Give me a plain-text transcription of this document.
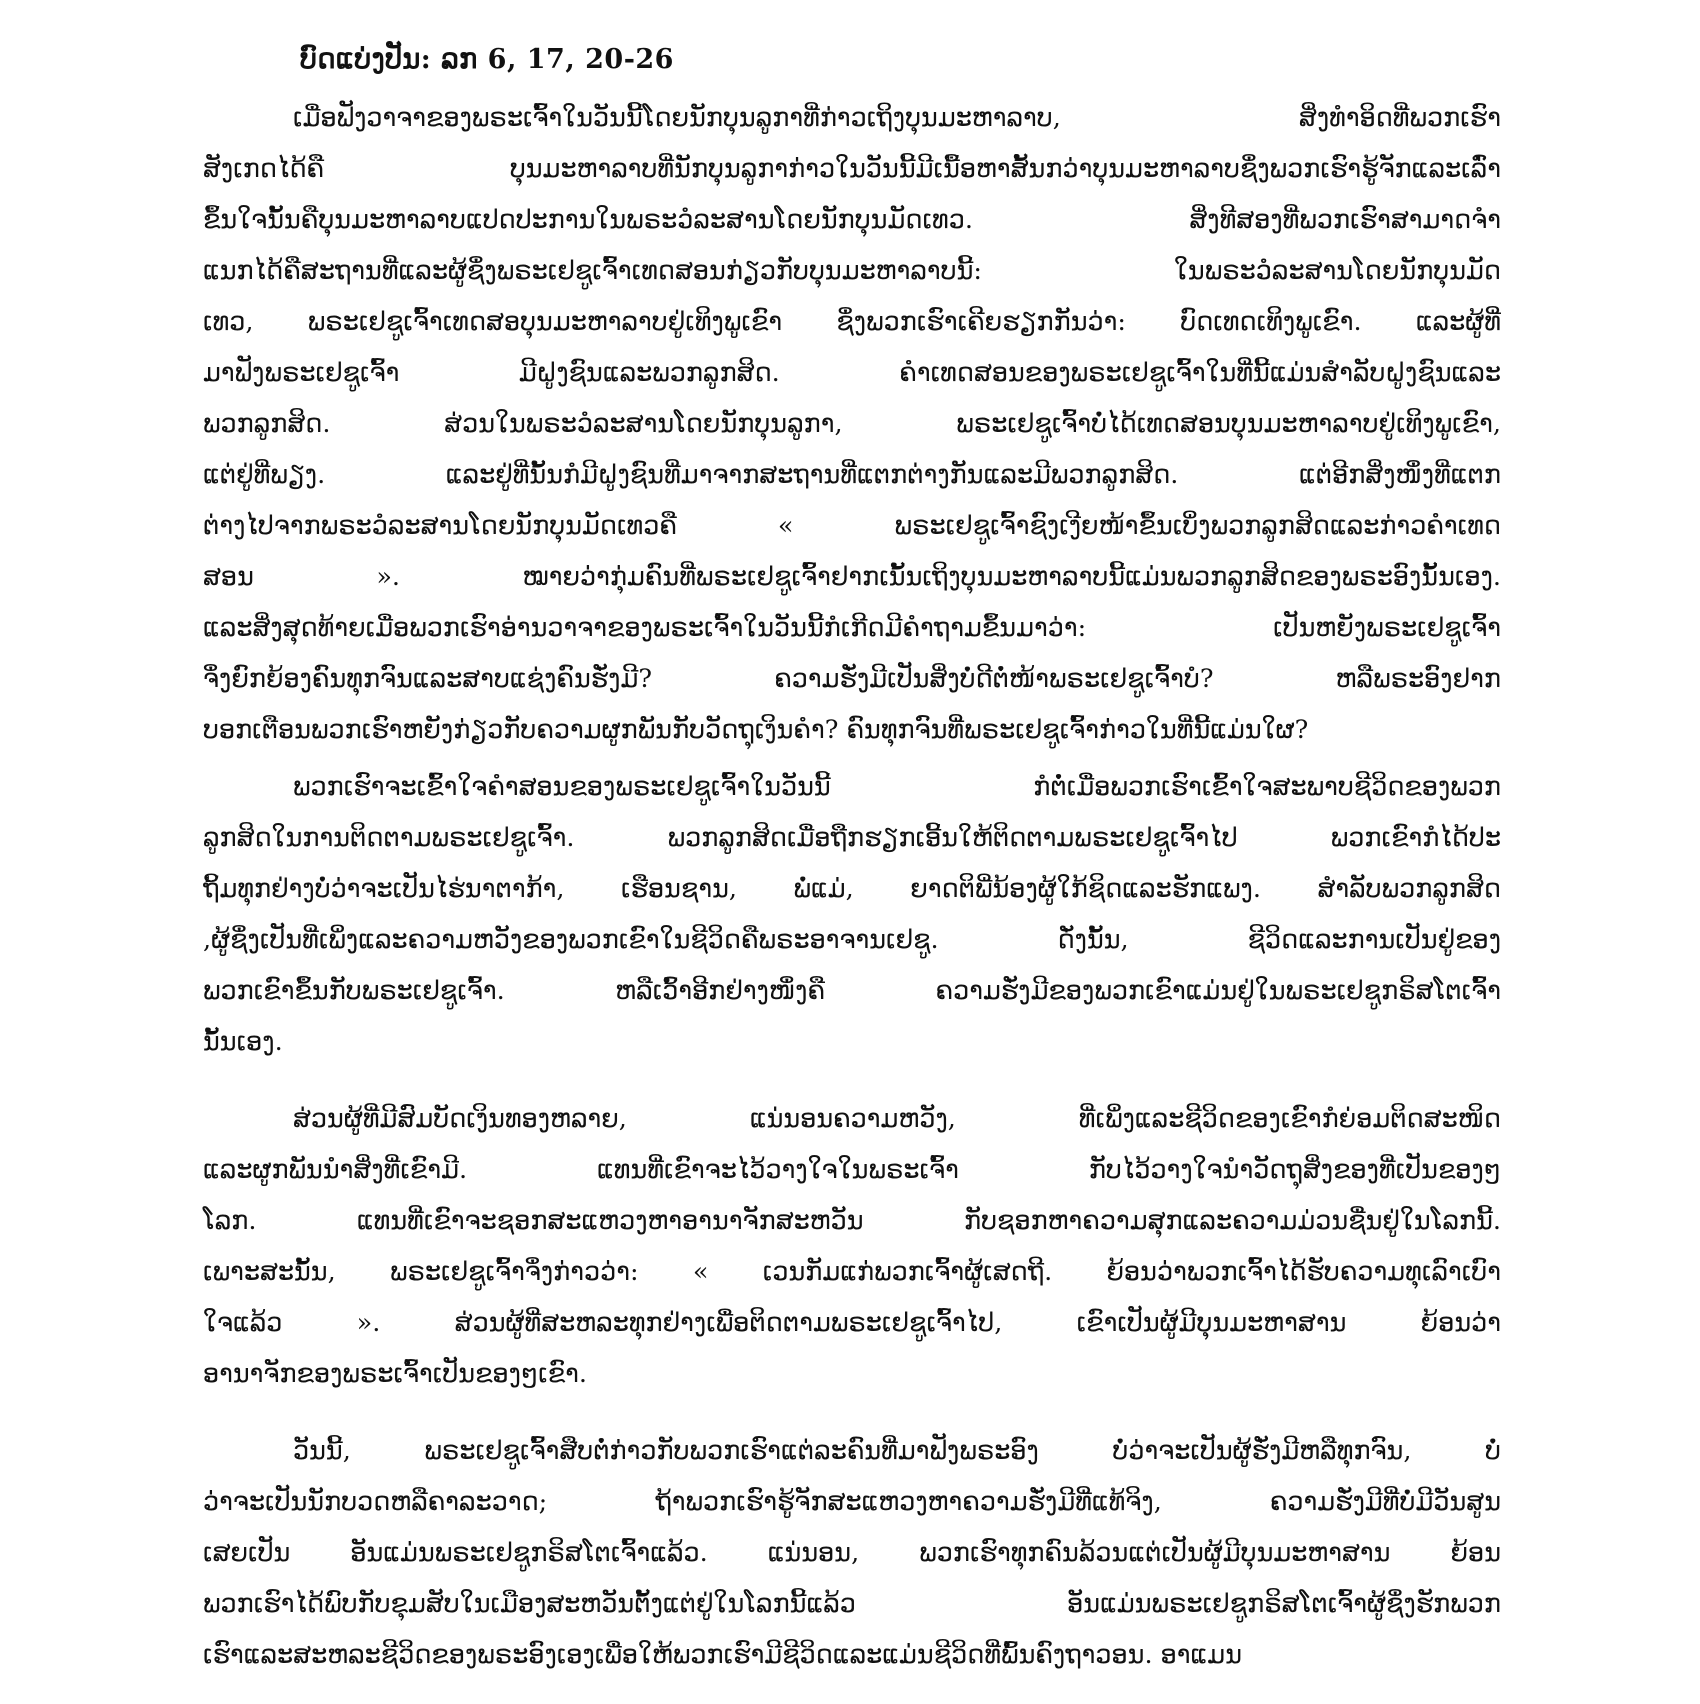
ບົດແບ່ງປັນ: ລກ 6, 17, 20-26
ເມື່ອຟັງວາຈາຂອງພຣະເຈົ້າໃນວັນນີ້ໂດຍນັກບຸນລູກາທີ່ກ່າວເຖິງບຸນມະຫາລາບ, ສິ່ງທໍາອິດທີ່ພວກເຮົາ
ສັງເກດໄດ້ຄື ບຸນມະຫາລາບທີ່ນັກບຸນລູກາກ່າວໃນວັນນີ້ມີເນື້ອຫາສັ້ນກວ່າບຸນມະຫາລາບຊຶ່ງພວກເຮົາຮູ້ຈັກແລະເລົ່າ
ຂຶ້ນໃຈນັ້ນຄືບຸນມະຫາລາບແປດປະການໃນພຣະວໍລະສານໂດຍນັກບຸນມັດເທວ. ສິ່ງທີສອງທີ່ພວກເຮົາສາມາດຈໍາ
ແນກໄດ້ຄືສະຖານທີ່ແລະຜູ້ຊຶ່ງພຣະເຢຊູເຈົ້າເທດສອນກ່ຽວກັບບຸນມະຫາລາບນີ້: ໃນພຣະວໍລະສານໂດຍນັກບຸນມັດ
ເທວ, ພຣະເຢຊູເຈົ້າເທດສອບຸນມະຫາລາບຢູ່ເທິງພູເຂົາ ຊຶ່ງພວກເຮົາເຄີຍຮຽກກັນວ່າ: ບົດເທດເທິງພູເຂົາ. ແລະຜູ້ທີ່
ມາຟັງພຣະເຢຊູເຈົ້າ ມີຝູງຊົນແລະພວກລູກສິດ. ຄໍາເທດສອນຂອງພຣະເຢຊູເຈົ້າໃນທີ່ນີ້ແມ່ນສໍາລັບຝູງຊົນແລະ
ພວກລູກສິດ. ສ່ວນໃນພຣະວໍລະສານໂດຍນັກບຸນລູກາ, ພຣະເຢຊູເຈົ້າບໍ່ໄດ້ເທດສອນບຸນມະຫາລາບຢູ່ເທິງພູເຂົາ,
ແຕ່ຢູ່ທີ່ພຽງ. ແລະຢູ່ທີ່ນັ້ນກໍມີຝູງຊົນທີ່ມາຈາກສະຖານທີ່ແຕກຕ່າງກັນແລະມີພວກລູກສິດ. ແຕ່ອີກສິ່ງໜຶ່ງທີ່ແຕກ
ຕ່າງໄປຈາກພຣະວໍລະສານໂດຍນັກບຸນມັດເທວຄື « ພຣະເຢຊູເຈົ້າຊົງເງີຍໜ້າຂຶ້ນເບິ່ງພວກລູກສິດແລະກ່າວຄໍາເທດ
ສອນ ». ໝາຍວ່າກຸ່ມຄົນທີ່ພຣະເຢຊູເຈົ້າຢາກເນັ້ນເຖິງບຸນມະຫາລາບນີ້ແມ່ນພວກລູກສິດຂອງພຣະອົງນັ້ນເອງ.
ແລະສິ່ງສຸດທ້າຍເມື່ອພວກເຮົາອ່ານວາຈາຂອງພຣະເຈົ້າໃນວັນນີ້ກໍເກີດມີຄໍາຖາມຂຶ້ນມາວ່າ: ເປັນຫຍັງພຣະເຢຊູເຈົ້າ
ຈຶ່ງຍົກຍ້ອງຄົນທຸກຈົນແລະສາບແຊ່ງຄົນຮັ່ງມີ? ຄວາມຮັ່ງມີເປັນສິ່ງບໍ່ດີຕໍ່ໜ້າພຣະເຢຊູເຈົ້າບໍ? ຫລືພຣະອົງຢາກ
ບອກເຕືອນພວກເຮົາຫຍັງກ່ຽວກັບຄວາມຜູກພັນກັບວັດຖຸເງິນຄໍາ? ຄົນທຸກຈົນທີ່ພຣະເຢຊູເຈົ້າກ່າວໃນທີ່ນີ້ແມ່ນໃຜ?
ພວກເຮົາຈະເຂົ້າໃຈຄໍາສອນຂອງພຣະເຢຊູເຈົ້າໃນວັນນີ້ ກໍຕໍ່ເມື່ອພວກເຮົາເຂົ້າໃຈສະພາບຊີວິດຂອງພວກ
ລູກສິດໃນການຕິດຕາມພຣະເຢຊູເຈົ້າ. ພວກລູກສິດເມື່ອຖືກຮຽກເອີ້ນໃຫ້ຕິດຕາມພຣະເຢຊູເຈົ້າໄປ ພວກເຂົາກໍໄດ້ປະ
ຖິ້ມທຸກຢ່າງບໍ່ວ່າຈະເປັນໄຮ່ນາຕາກ້າ, ເຮືອນຊານ, ພໍ່ແມ່, ຍາດຕິພີ່ນ້ອງຜູ້ໃກ້ຊິດແລະຮັກແພງ. ສໍາລັບພວກລູກສິດ
,ຜູ້ຊຶ່ງເປັນທີ່ເພິ່ງແລະຄວາມຫວັງຂອງພວກເຂົາໃນຊີວິດຄືພຣະອາຈານເຢຊູ. ດັ່ງນັ້ນ, ຊີວິດແລະການເປັນຢູ່ຂອງ
ພວກເຂົາຂຶ້ນກັບພຣະເຢຊູເຈົ້າ. ຫລືເວົ້າອີກຢ່າງໜຶ່ງຄື ຄວາມຮັ່ງມີຂອງພວກເຂົາແມ່ນຢູ່ໃນພຣະເຢຊູກຣິສໂຕເຈົ້າ
ນັ້ນເອງ.
ສ່ວນຜູ້ທີ່ມີສົມບັດເງິນທອງຫລາຍ, ແນ່ນອນຄວາມຫວັງ, ທີ່ເພິ່ງແລະຊີວິດຂອງເຂົາກໍຍ່ອມຕິດສະໜິດ
ແລະຜູກພັນນໍາສິ່ງທີ່ເຂົາມີ. ແທນທີ່ເຂົາຈະໄວ້ວາງໃຈໃນພຣະເຈົ້າ ກັບໄວ້ວາງໃຈນໍາວັດຖຸສິ່ງຂອງທີ່ເປັນຂອງໆ
ໂລກ. ແທນທີ່ເຂົາຈະຊອກສະແຫວງຫາອານາຈັກສະຫວັນ ກັບຊອກຫາຄວາມສຸກແລະຄວາມມ່ວນຊື່ນຢູ່ໃນໂລກນີ້.
ເພາະສະນັ້ນ, ພຣະເຢຊູເຈົ້າຈຶ່ງກ່າວວ່າ: « ເວນກັມແກ່ພວກເຈົ້າຜູ້ເສດຖີ. ຍ້ອນວ່າພວກເຈົ້າໄດ້ຮັບຄວາມທຸເລົາເບົາ
ໃຈແລ້ວ ». ສ່ວນຜູ້ທີ່ສະຫລະທຸກຢ່າງເພື່ອຕິດຕາມພຣະເຢຊູເຈົ້າໄປ, ເຂົາເປັນຜູ້ມີບຸນມະຫາສານ ຍ້ອນວ່າ
ອານາຈັກຂອງພຣະເຈົ້າເປັນຂອງໆເຂົາ.
ວັນນີ້, ພຣະເຢຊູເຈົ້າສືບຕໍ່ກ່າວກັບພວກເຮົາແຕ່ລະຄົນທີ່ມາຟັງພຣະອົງ ບໍ່ວ່າຈະເປັນຜູ້ຮັ່ງມີຫລືທຸກຈົນ, ບໍ່
ວ່າຈະເປັນນັກບວດຫລືຄາລະວາດ; ຖ້າພວກເຮົາຮູ້ຈັກສະແຫວງຫາຄວາມຮັ່ງມີທີ່ແທ້ຈິງ, ຄວາມຮັ່ງມີທີ່ບໍ່ມີວັນສູນ
ເສຍເປັນ ອັນແມ່ນພຣະເຢຊູກຣິສໂຕເຈົ້າແລ້ວ. ແນ່ນອນ, ພວກເຮົາທຸກຄົນລ້ວນແຕ່ເປັນຜູ້ມີບຸນມະຫາສານ ຍ້ອນ
ພວກເຮົາໄດ້ພົບກັບຂຸມສັບໃນເມືອງສະຫວັນຕັ້ງແຕ່ຢູ່ໃນໂລກນີ້ແລ້ວ ອັນແມ່ນພຣະເຢຊູກຣິສໂຕເຈົ້າຜູ້ຊຶ່ງຮັກພວກ
ເຮົາແລະສະຫລະຊີວິດຂອງພຣະອົງເອງເພື່ອໃຫ້ພວກເຮົາມີຊີວິດແລະແມ່ນຊີວິດທີ່ພົ້ນຄົງຖາວອນ. ອາແມນ
